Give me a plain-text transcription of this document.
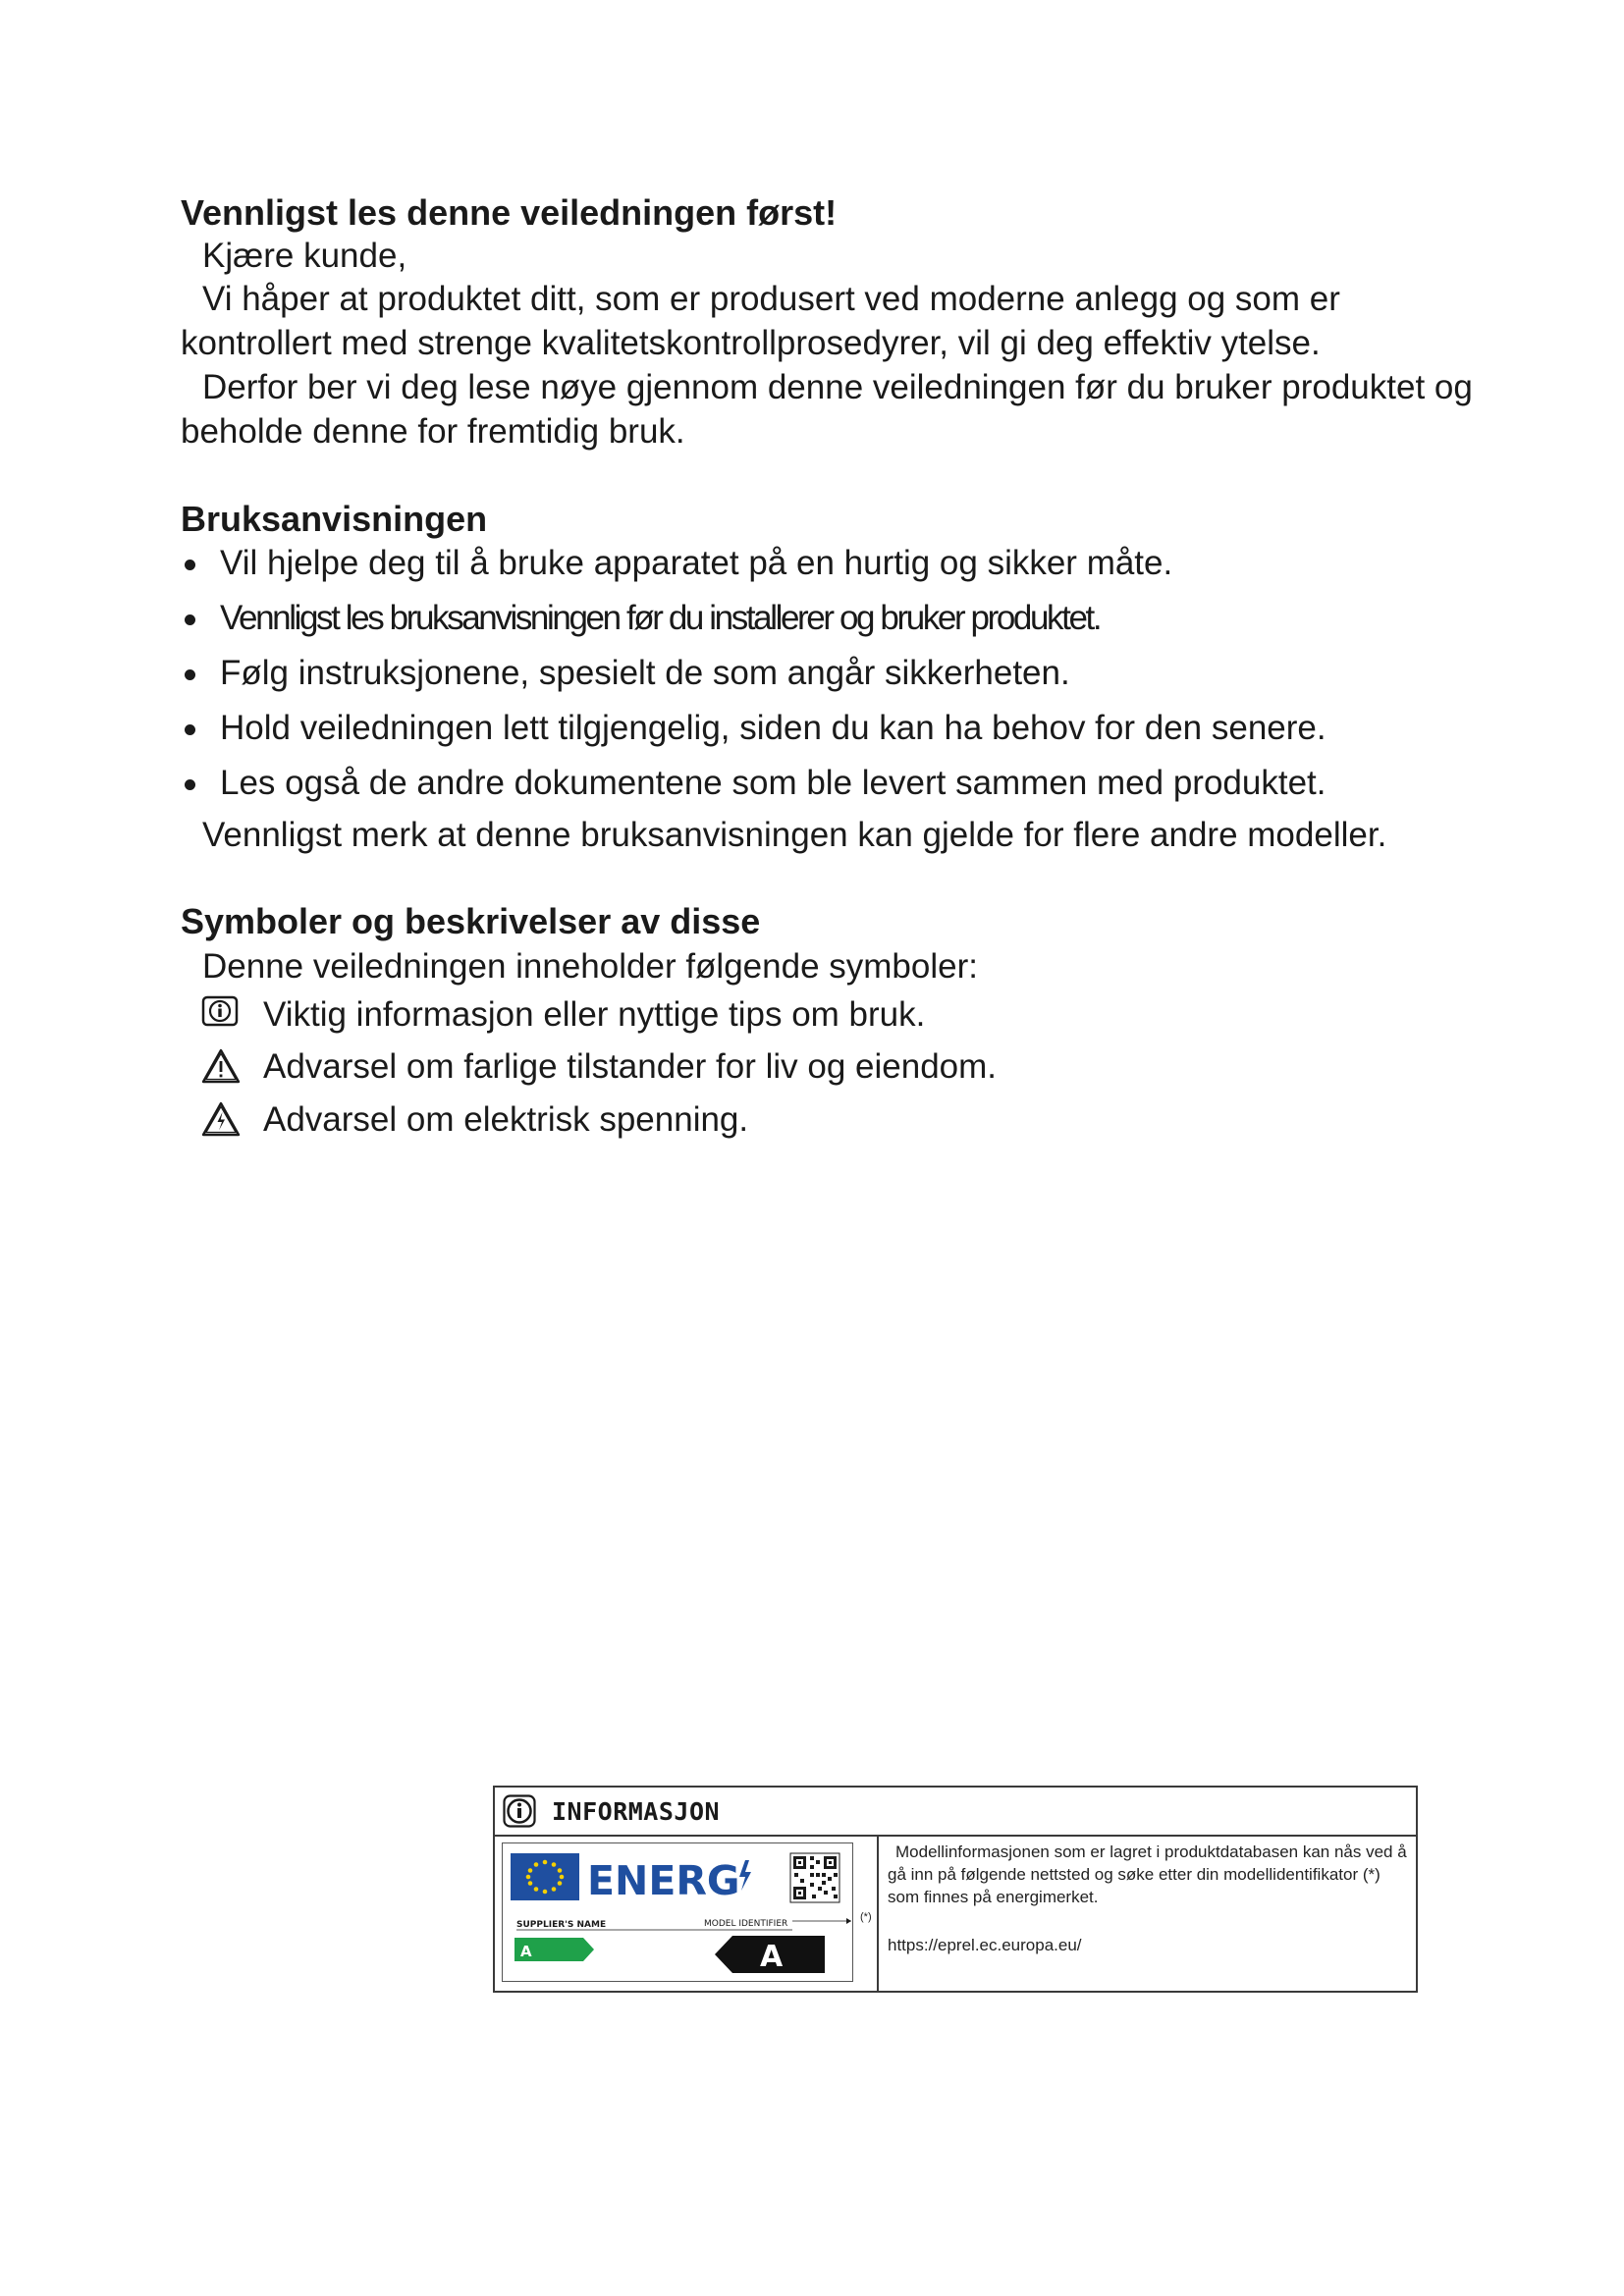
Vennligst les denne veiledningen først!
Kjære kunde,
Vi håper at produktet ditt, som er produsert ved moderne anlegg og som er kontrollert med strenge kvalitetskontrollprosedyrer, vil gi deg effektiv ytelse.
Derfor ber vi deg lese nøye gjennom denne veiledningen før du bruker produktet og beholde denne for fremtidig bruk.
Bruksanvisningen
Vil hjelpe deg til å bruke apparatet på en hurtig og sikker måte.
Vennligst les bruksanvisningen før du installerer og bruker produktet.
Følg instruksjonene, spesielt de som angår sikkerheten.
Hold veiledningen lett tilgjengelig, siden du kan ha behov for den senere.
Les også de andre dokumentene som ble levert sammen med produktet.
Vennligst merk at denne bruksanvisningen kan gjelde for flere andre modeller.
Symboler og beskrivelser av disse
Denne veiledningen inneholder følgende symboler:
Viktig informasjon eller nyttige tips om bruk.
Advarsel om farlige tilstander for liv og eiendom.
Advarsel om elektrisk spenning.
INFORMASJON
ENERG
SUPPLIER'S NAME	MODEL IDENTIFIER
A	A
(*)

Modellinformasjonen som er lagret i produktdatabasen kan nås ved å gå inn på følgende nettsted og søke etter din modellidentifikator (*) som finnes på energimerket.

https://eprel.ec.europa.eu/
